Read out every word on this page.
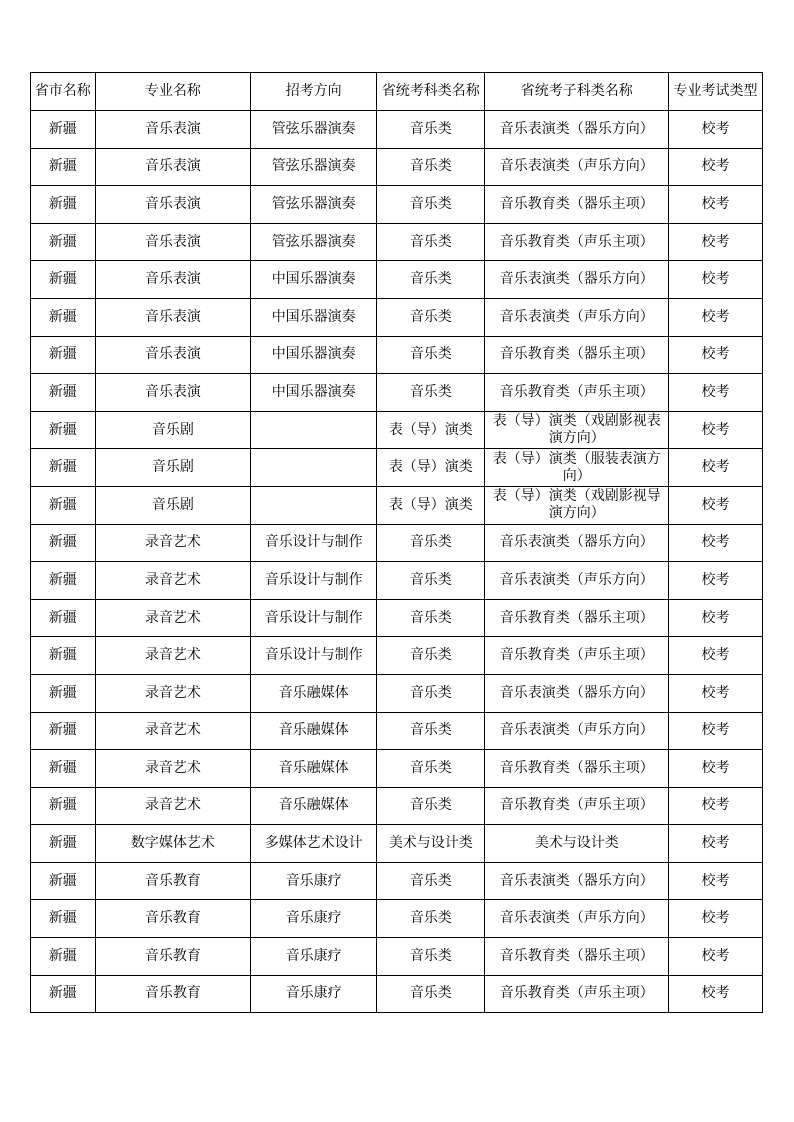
省市名称	专业名称	招考方向	省统考科类名称	省统考子科类名称	专业考试类型
新疆	音乐表演	管弦乐器演奏	音乐类	音乐表演类（器乐方向）	校考
新疆	音乐表演	管弦乐器演奏	音乐类	音乐表演类（声乐方向）	校考
新疆	音乐表演	管弦乐器演奏	音乐类	音乐教育类（器乐主项）	校考
新疆	音乐表演	管弦乐器演奏	音乐类	音乐教育类（声乐主项）	校考
新疆	音乐表演	中国乐器演奏	音乐类	音乐表演类（器乐方向）	校考
新疆	音乐表演	中国乐器演奏	音乐类	音乐表演类（声乐方向）	校考
新疆	音乐表演	中国乐器演奏	音乐类	音乐教育类（器乐主项）	校考
新疆	音乐表演	中国乐器演奏	音乐类	音乐教育类（声乐主项）	校考
新疆	音乐剧		表（导）演类	表（导）演类（戏剧影视表演方向）	校考
新疆	音乐剧		表（导）演类	表（导）演类（服装表演方向）	校考
新疆	音乐剧		表（导）演类	表（导）演类（戏剧影视导演方向）	校考
新疆	录音艺术	音乐设计与制作	音乐类	音乐表演类（器乐方向）	校考
新疆	录音艺术	音乐设计与制作	音乐类	音乐表演类（声乐方向）	校考
新疆	录音艺术	音乐设计与制作	音乐类	音乐教育类（器乐主项）	校考
新疆	录音艺术	音乐设计与制作	音乐类	音乐教育类（声乐主项）	校考
新疆	录音艺术	音乐融媒体	音乐类	音乐表演类（器乐方向）	校考
新疆	录音艺术	音乐融媒体	音乐类	音乐表演类（声乐方向）	校考
新疆	录音艺术	音乐融媒体	音乐类	音乐教育类（器乐主项）	校考
新疆	录音艺术	音乐融媒体	音乐类	音乐教育类（声乐主项）	校考
新疆	数字媒体艺术	多媒体艺术设计	美术与设计类	美术与设计类	校考
新疆	音乐教育	音乐康疗	音乐类	音乐表演类（器乐方向）	校考
新疆	音乐教育	音乐康疗	音乐类	音乐表演类（声乐方向）	校考
新疆	音乐教育	音乐康疗	音乐类	音乐教育类（器乐主项）	校考
新疆	音乐教育	音乐康疗	音乐类	音乐教育类（声乐主项）	校考
